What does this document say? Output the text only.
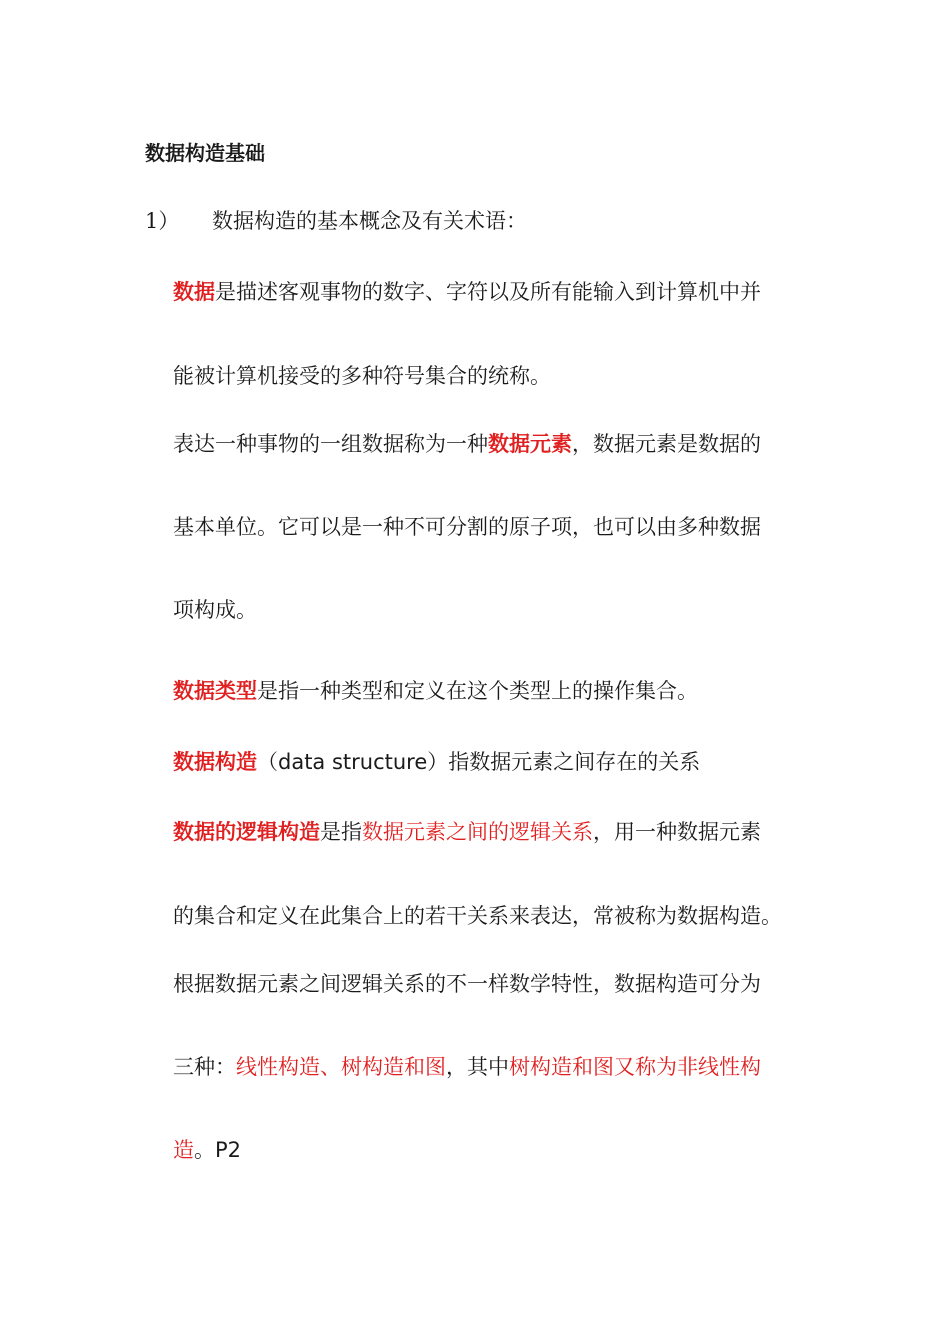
数据构造基础
1） 数据构造的基本概念及有关术语：
数据是描述客观事物的数字、字符以及所有能输入到计算机中并
能被计算机接受的多种符号集合的统称。
表达一种事物的一组数据称为一种数据元素，数据元素是数据的
基本单位。它可以是一种不可分割的原子项，也可以由多种数据
项构成。
数据类型是指一种类型和定义在这个类型上的操作集合。
数据构造（data structure）指数据元素之间存在的关系
数据的逻辑构造是指数据元素之间的逻辑关系，用一种数据元素
的集合和定义在此集合上的若干关系来表达，常被称为数据构造。
根据数据元素之间逻辑关系的不一样数学特性，数据构造可分为
三种：线性构造、树构造和图，其中树构造和图又称为非线性构
造。P2
